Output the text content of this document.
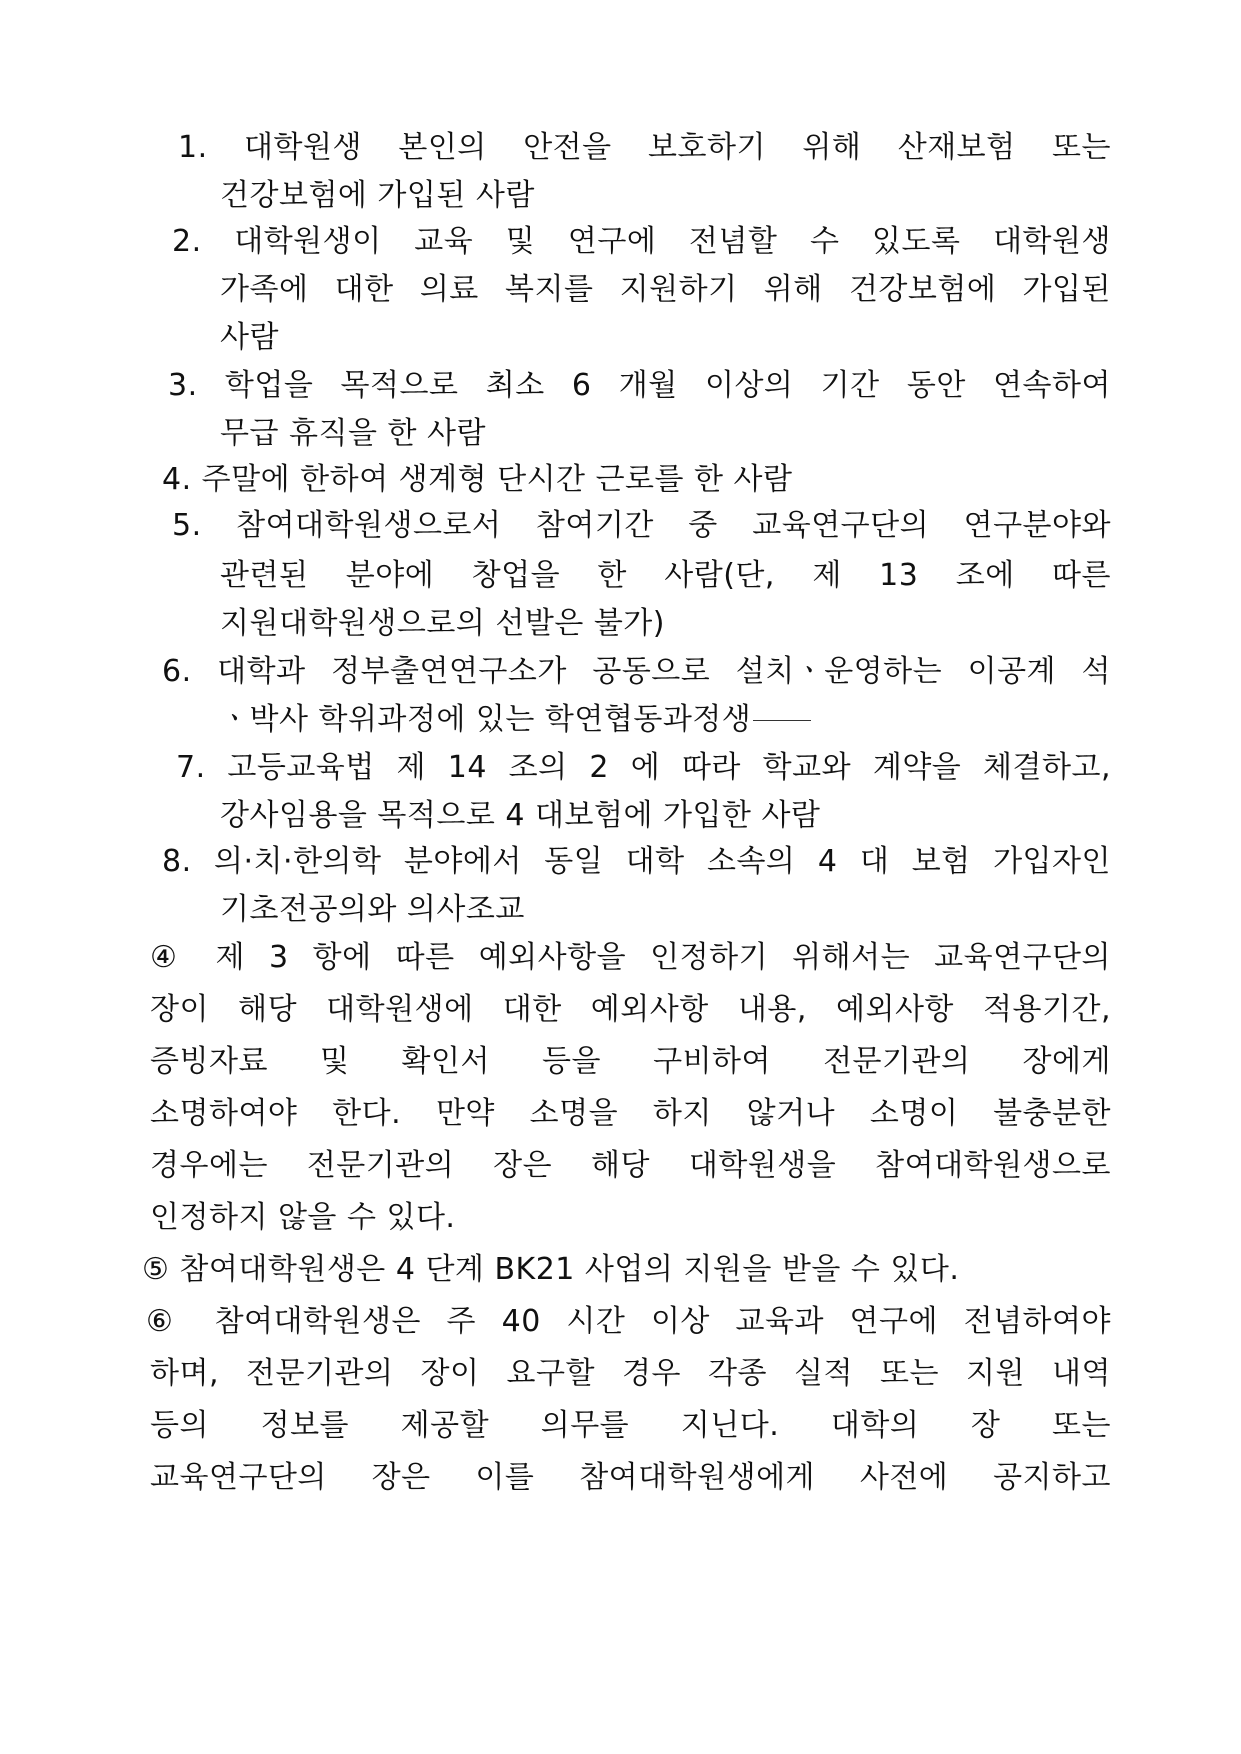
1. 대학원생 본인의 안전을 보호하기 위해 산재보험 또는

건강보험에 가입된 사람

2. 대학원생이 교육 및 연구에 전념할 수 있도록 대학원생

가족에 대한 의료 복지를 지원하기 위해 건강보험에 가입된

사람

3. 학업을 목적으로 최소 6 개월 이상의 기간 동안 연속하여

무급 휴직을 한 사람

4. 주말에 한하여 생계형 단시간 근로를 한 사람

5. 참여대학원생으로서 참여기간 중 교육연구단의 연구분야와

관련된 분야에 창업을 한 사람(단, 제 13 조에 따른

지원대학원생으로의 선발은 불가)

6. 대학과 정부출연연구소가 공동으로 설치ㆍ운영하는 이공계 석

ㆍ박사 학위과정에 있는 학연협동과정생

7. 고등교육법 제 14 조의 2 에 따라 학교와 계약을 체결하고,

강사임용을 목적으로 4 대보험에 가입한 사람

8. 의·치·한의학 분야에서 동일 대학 소속의 4 대 보험 가입자인

기초전공의와 의사조교

④ 제 3 항에 따른 예외사항을 인정하기 위해서는 교육연구단의

장이 해당 대학원생에 대한 예외사항 내용, 예외사항 적용기간,

증빙자료 및 확인서 등을 구비하여 전문기관의 장에게

소명하여야 한다. 만약 소명을 하지 않거나 소명이 불충분한

경우에는 전문기관의 장은 해당 대학원생을 참여대학원생으로

인정하지 않을 수 있다.

⑤ 참여대학원생은 4 단계 BK21 사업의 지원을 받을 수 있다.

⑥ 참여대학원생은 주 40 시간 이상 교육과 연구에 전념하여야

하며, 전문기관의 장이 요구할 경우 각종 실적 또는 지원 내역

등의 정보를 제공할 의무를 지닌다. 대학의 장 또는

교육연구단의 장은 이를 참여대학원생에게 사전에 공지하고
